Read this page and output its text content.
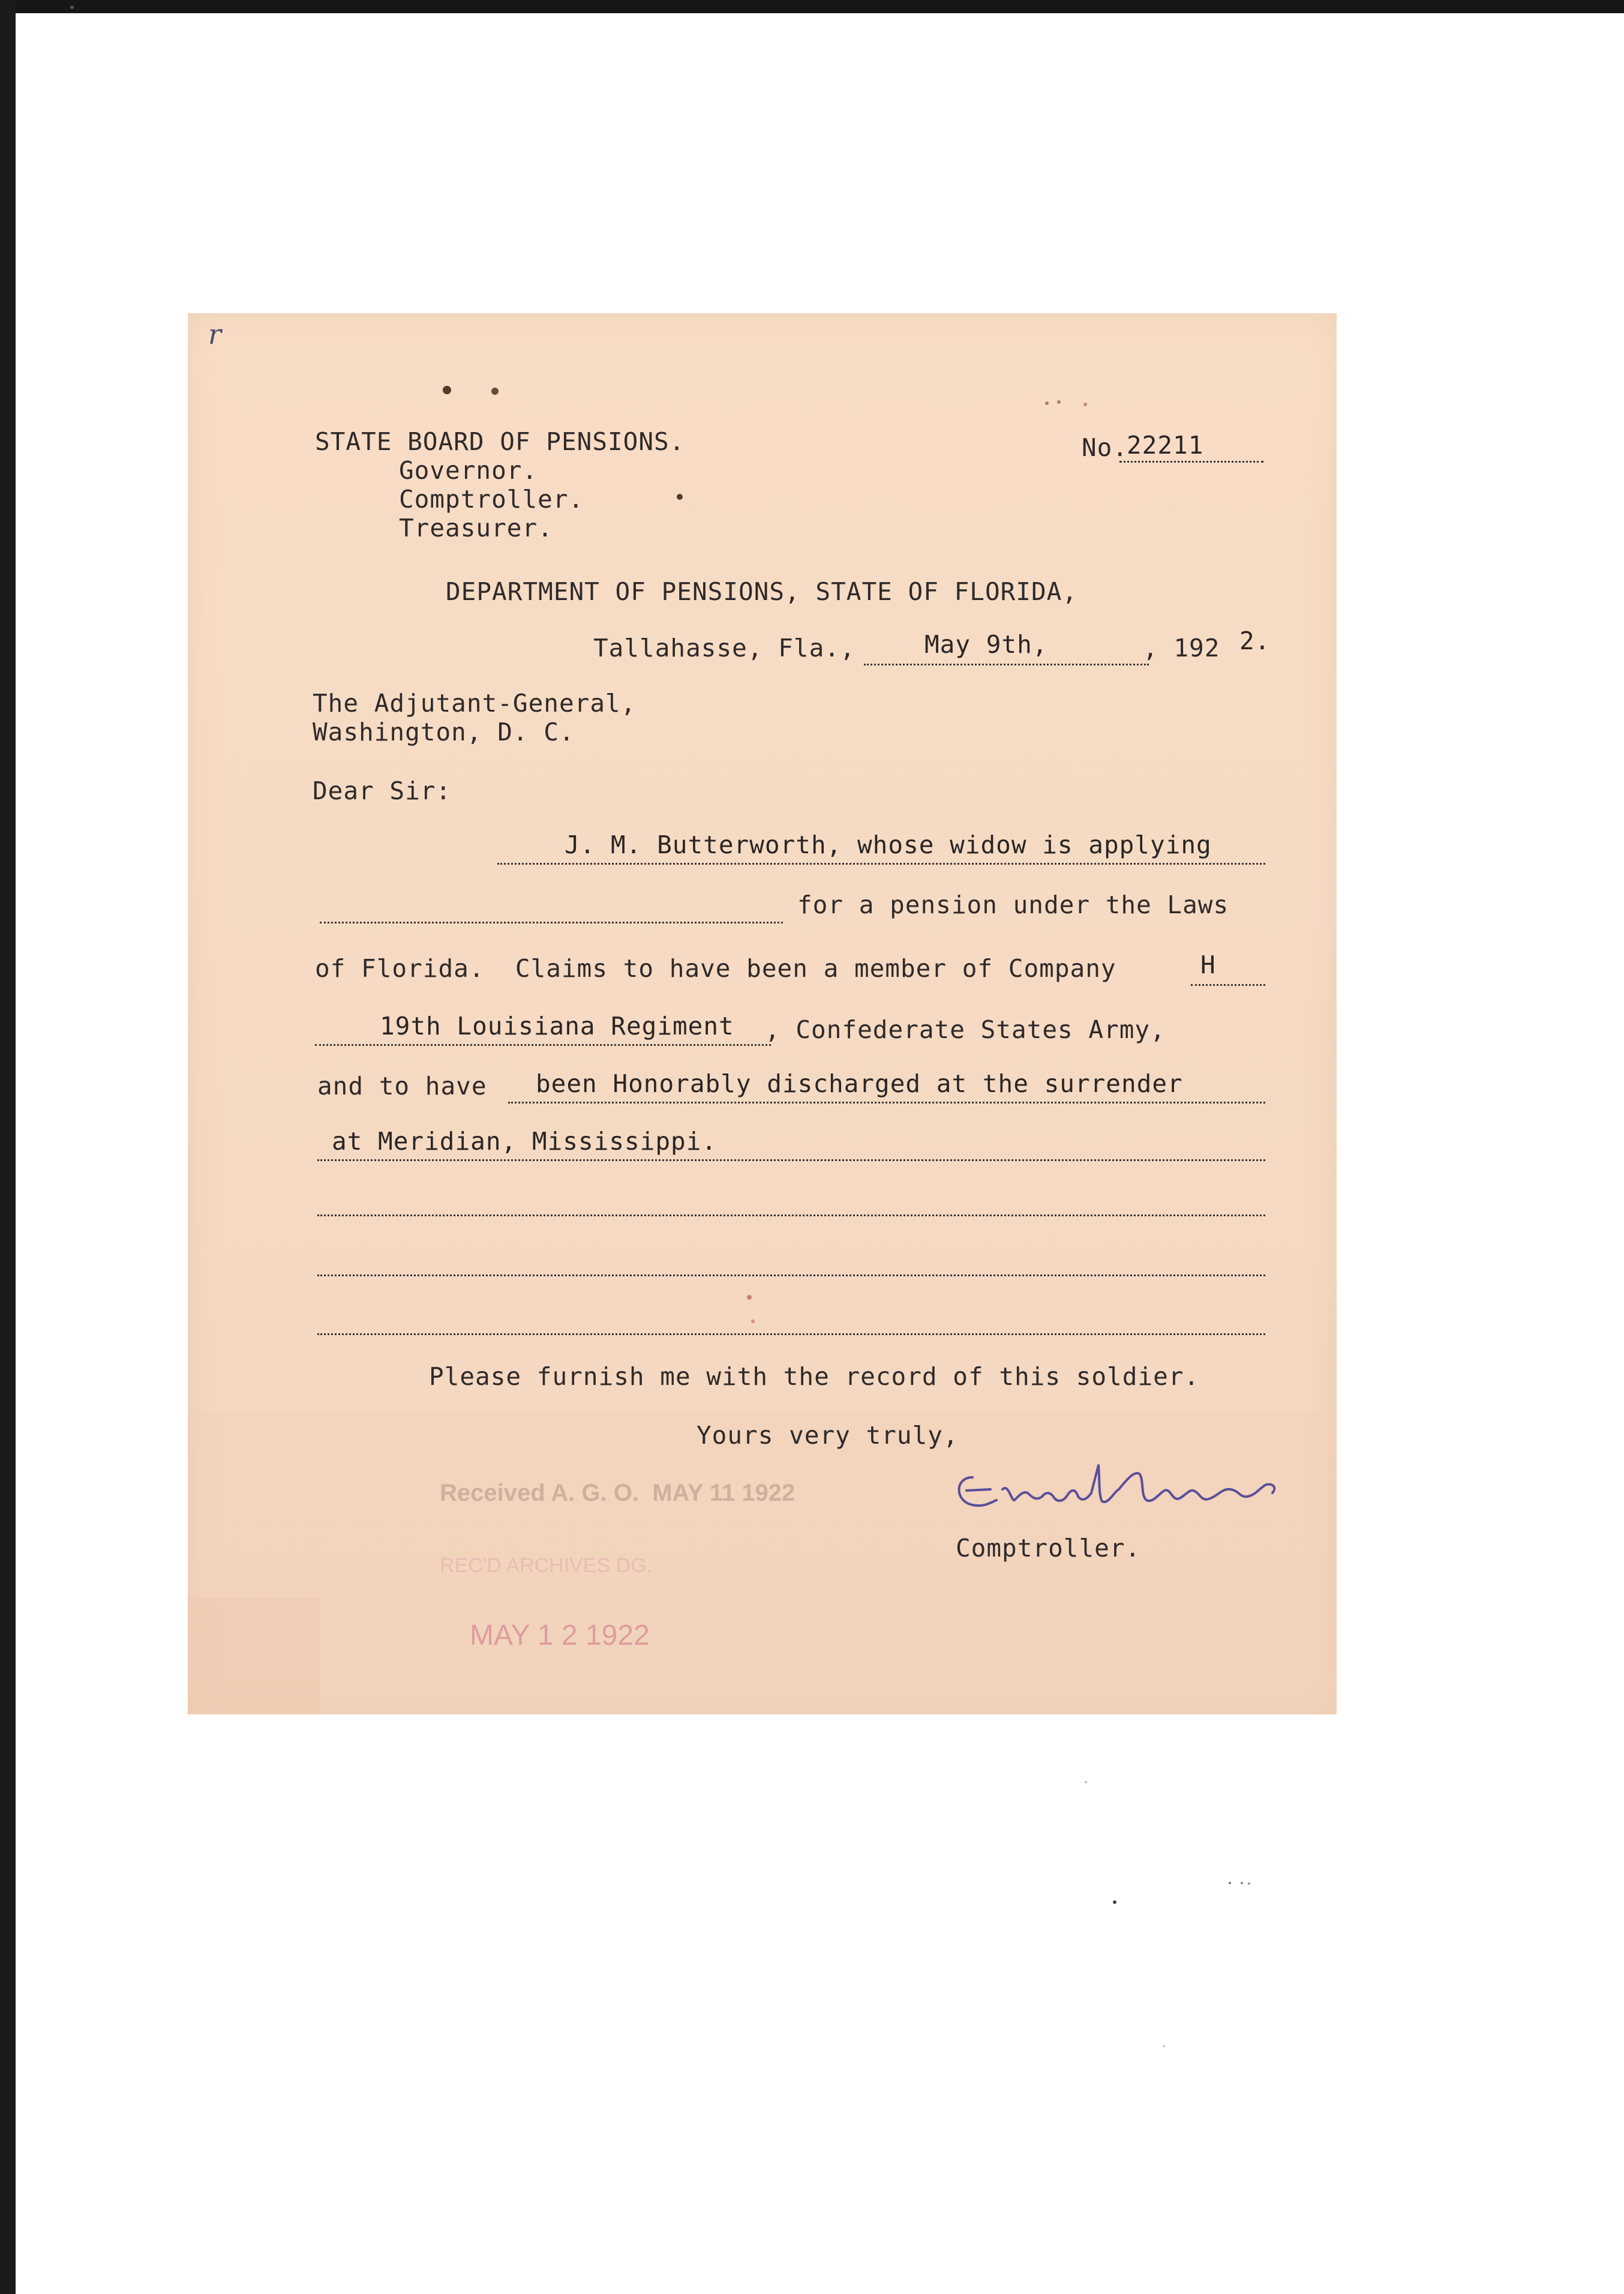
r
STATE BOARD OF PENSIONS.
Governor.
Comptroller.
Treasurer.
No.
22211
DEPARTMENT OF PENSIONS, STATE OF FLORIDA,
Tallahasse, Fla.,	May 9th,	, 192 2.
The Adjutant-General,
Washington, D. C.
Dear Sir:
J. M. Butterworth, whose widow is applying
for a pension under the Laws
of Florida.  Claims to have been a member of Company	H
19th Louisiana Regiment , Confederate States Army,
and to have been Honorably discharged at the surrender
at Meridian, Mississippi.
Please furnish me with the record of this soldier.
Yours very truly,
Comptroller.
Received A. G. O.  MAY 11 1922
REC'D ARCHIVES DG.
MAY 1 2 1922
